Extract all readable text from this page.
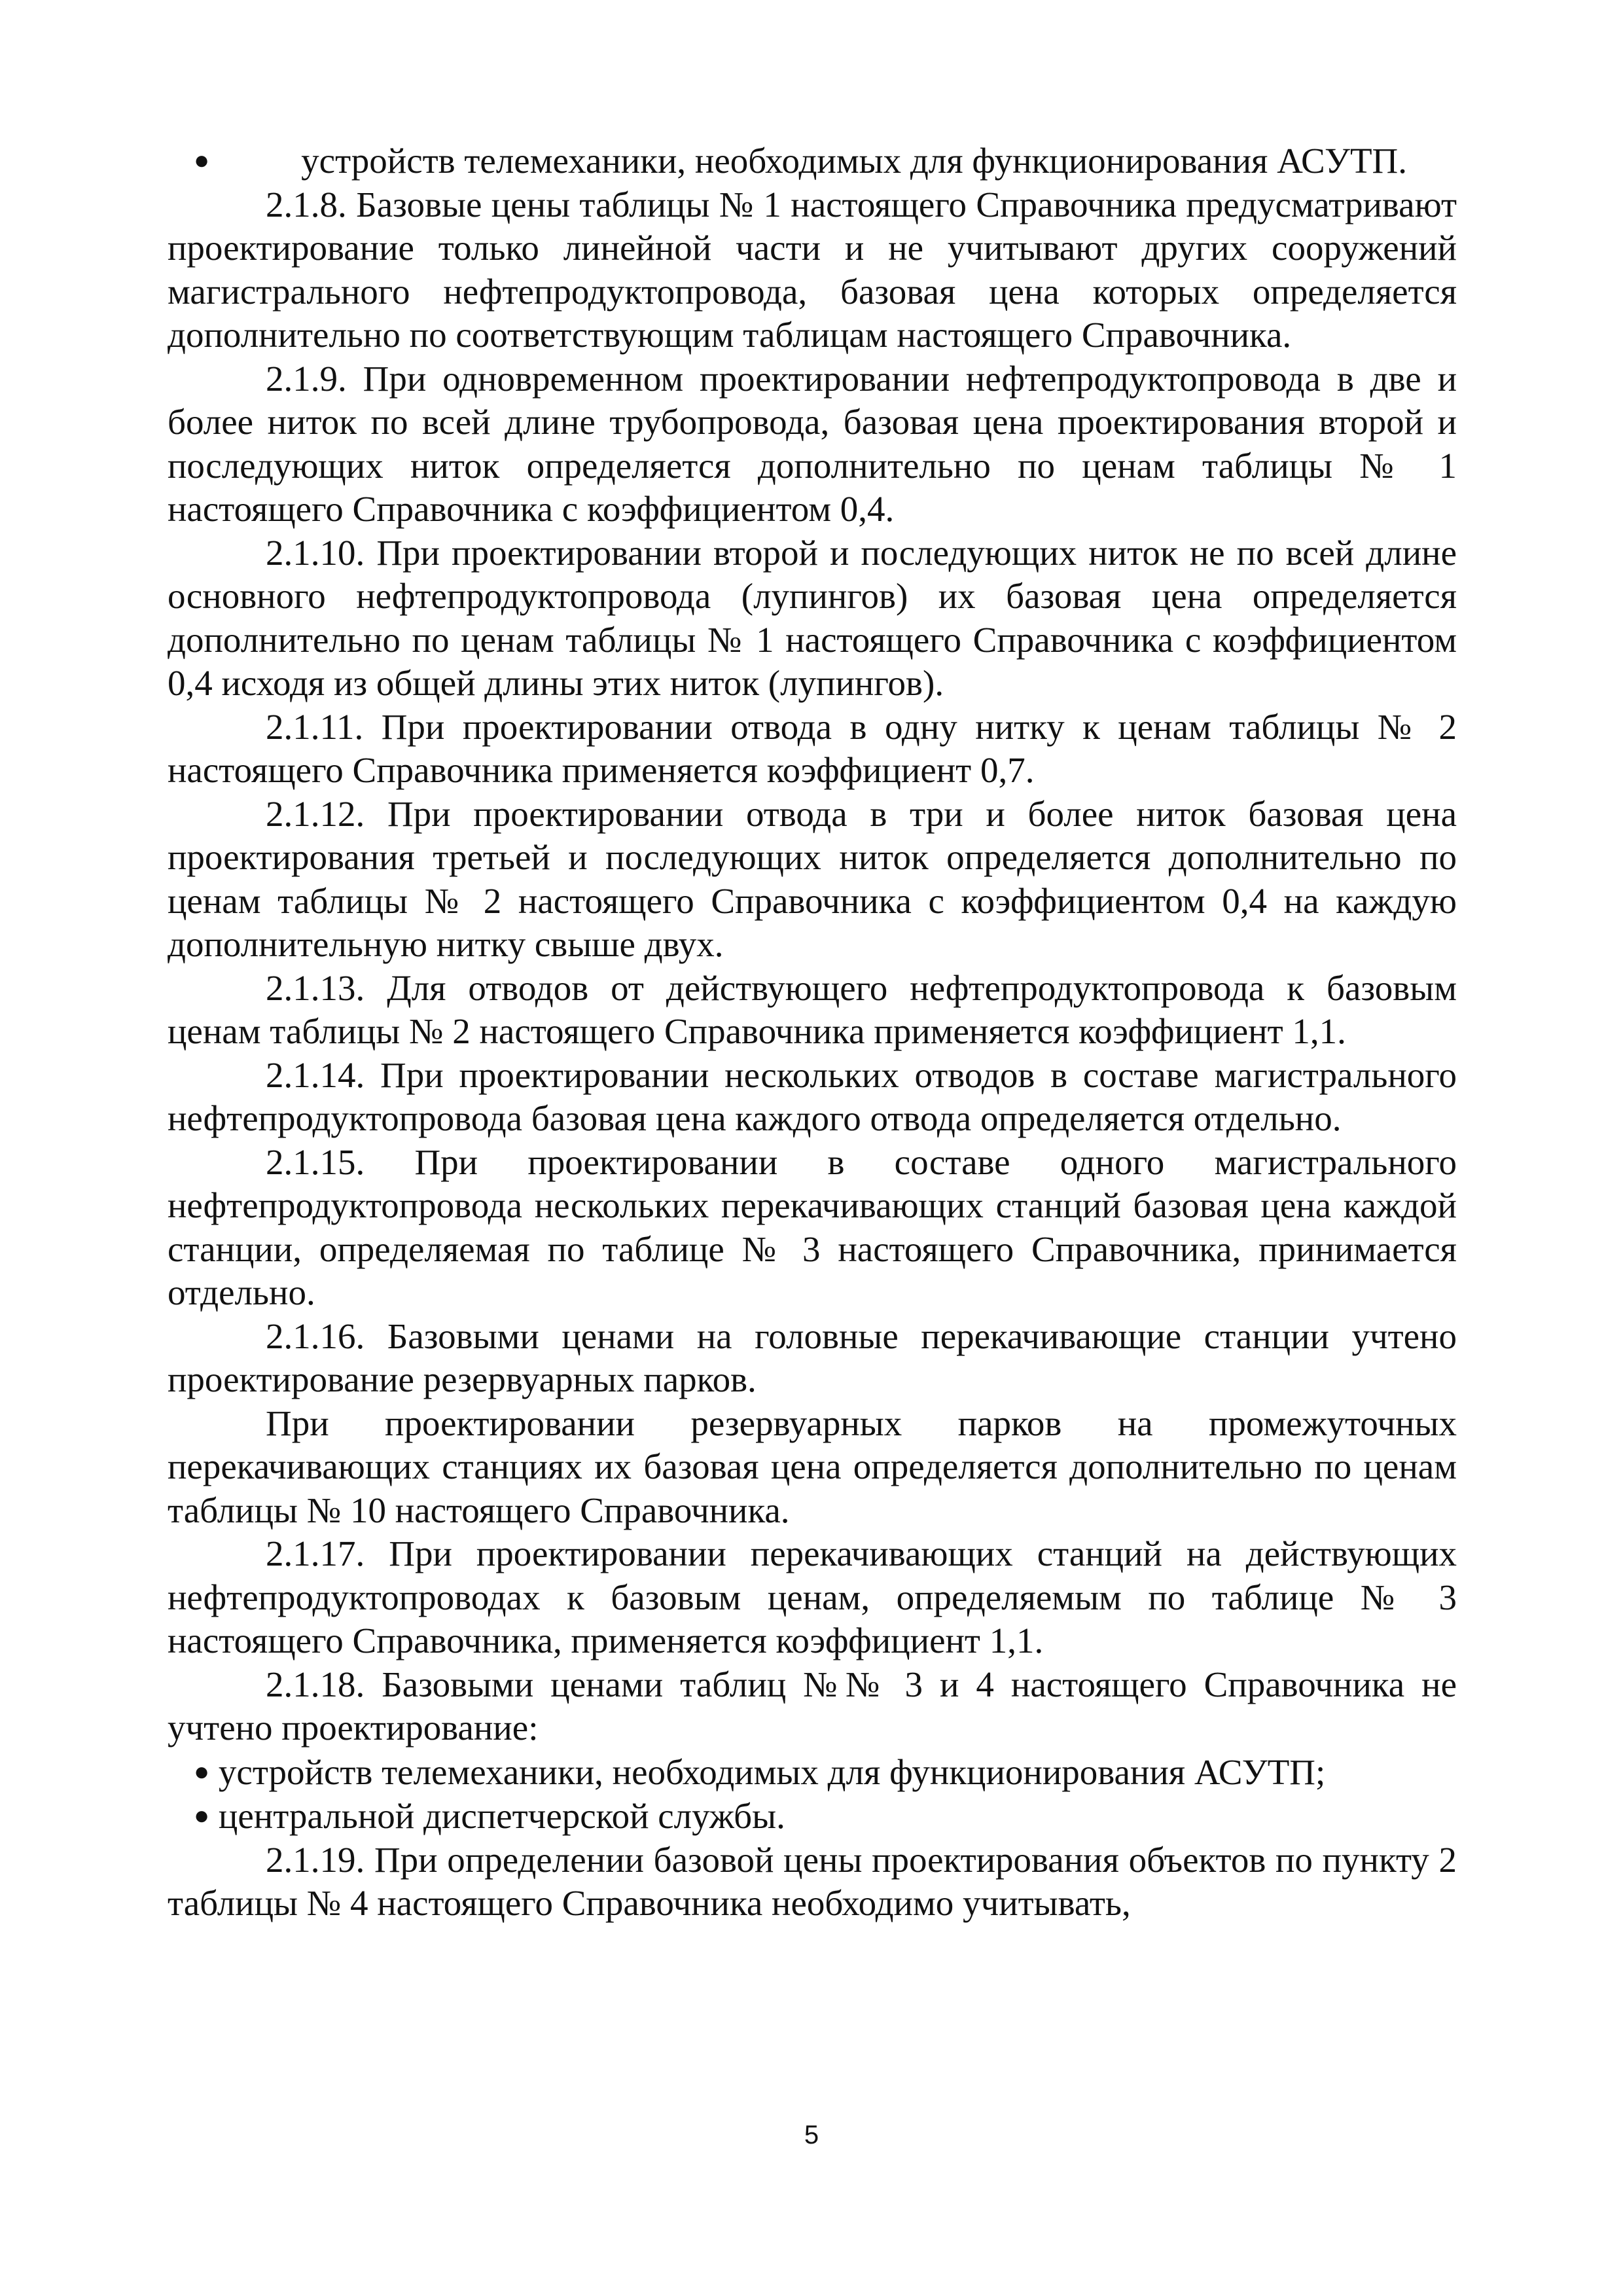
●	устройств телемеханики, необходимых для функционирования АСУТП.

2.1.8. Базовые цены таблицы № 1 настоящего Справочника предусматривают проектирование только линейной части и не учитывают других сооружений магистрального нефтепродуктопровода, базовая цена которых определяется дополнительно по соответствующим таблицам настоящего Справочника.

2.1.9. При одновременном проектировании нефтепродуктопровода в две и более ниток по всей длине трубопровода, базовая цена проектирования второй и последующих ниток определяется дополнительно по ценам таблицы № 1 настоящего Справочника с коэффициентом 0,4.

2.1.10. При проектировании второй и последующих ниток не по всей длине основного нефтепродуктопровода (лупингов) их базовая цена определяется дополнительно по ценам таблицы № 1 настоящего Справочника с коэффициентом 0,4 исходя из общей длины этих ниток (лупингов).

2.1.11. При проектировании отвода в одну нитку к ценам таблицы № 2 настоящего Справочника применяется коэффициент 0,7.

2.1.12. При проектировании отвода в три и более ниток базовая цена проектирования третьей и последующих ниток определяется дополнительно по ценам таблицы № 2 настоящего Справочника с коэффициентом 0,4 на каждую дополнительную нитку свыше двух.

2.1.13. Для отводов от действующего нефтепродуктопровода к базовым ценам таблицы № 2 настоящего Справочника применяется коэффициент 1,1.

2.1.14. При проектировании нескольких отводов в составе магистрального нефтепродуктопровода базовая цена каждого отвода определяется отдельно.

2.1.15. При проектировании в составе одного магистрального нефтепродуктопровода нескольких перекачивающих станций базовая цена каждой станции, определяемая по таблице № 3 настоящего Справочника, принимается отдельно.

2.1.16. Базовыми ценами на головные перекачивающие станции учтено проектирование резервуарных парков.

При проектировании резервуарных парков на промежуточных перекачивающих станциях их базовая цена определяется дополнительно по ценам таблицы № 10 настоящего Справочника.

2.1.17. При проектировании перекачивающих станций на действующих нефтепродуктопроводах к базовым ценам, определяемым по таблице № 3 настоящего Справочника, применяется коэффициент 1,1.

2.1.18. Базовыми ценами таблиц №№ 3 и 4 настоящего Справочника не учтено проектирование:

● устройств телемеханики, необходимых для функционирования АСУТП;

● центральной диспетчерской службы.

2.1.19. При определении базовой цены проектирования объектов по пункту 2 таблицы № 4 настоящего Справочника необходимо учитывать,

5
